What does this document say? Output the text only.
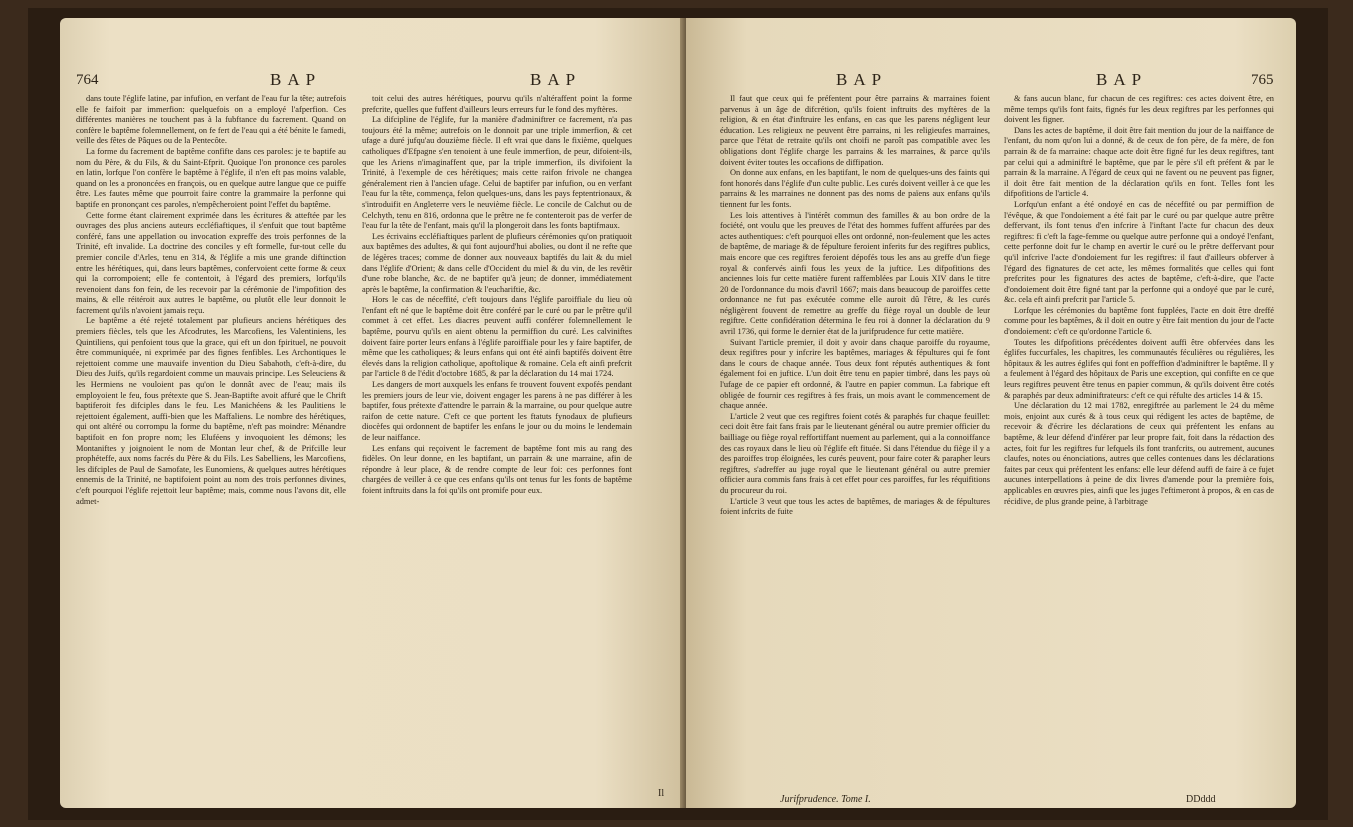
764	BAP	BAP

dans toute l'églife latine, par infufion, en verfant de l'eau fur la tête; autrefois elle fe faifoit par immerfion: quelquefois on a employé l'afperfion. Ces différentes manières ne touchent pas à la fubftance du facrement. Quand on confère le baptême folemnellement, on fe fert de l'eau qui a été bénite le famedi, veille des fêtes de Pâques ou de la Pentecôte.

La forme du facrement de baptême confifte dans ces paroles: je te baptife au nom du Père, & du Fils, & du Saint-Efprit. Quoique l'on prononce ces paroles en latin, lorfque l'on confère le baptême à l'églife, il n'en eft pas moins valable, quand on les a prononcées en françois, ou en quelque autre langue que ce puiffe être. Les fautes même que pourroit faire contre la grammaire la perfonne qui baptife en prononçant ces paroles, n'empêcheroient point l'effet du baptême.

Cette forme étant clairement exprimée dans les écritures & atteftée par les ouvrages des plus anciens auteurs eccléfiaftiques, il s'enfuit que tout baptême conféré, fans une appellation ou invocation expreffe des trois perfonnes de la Trinité, eft invalide. La doctrine des conciles y eft formelle, fur-tout celle du premier concile d'Arles, tenu en 314, & l'églife a mis une grande diftinction entre les hérétiques, qui, dans leurs baptêmes, confervoient cette forme & ceux qui la corrompoient; elle fe contentoit, à l'égard des premiers, lorfqu'ils revenoient dans fon fein, de les recevoir par la cérémonie de l'impofition des mains, & elle réitéroit aux autres le baptême, ou plutôt elle leur donnoit le facrement qu'ils n'avoient jamais reçu.

Le baptême a été rejeté totalement par plufieurs anciens hérétiques des premiers fiècles, tels que les Afcodrutes, les Marcofiens, les Valentiniens, les Quintiliens, qui penfoient tous que la grace, qui eft un don fpirituel, ne pouvoit être communiquée, ni exprimée par des fignes fenfibles. Les Archontiques le rejettoient comme une mauvaife invention du Dieu Sabahoth, c'eft-à-dire, du Dieu des Juifs, qu'ils regardoient comme un mauvais principe. Les Seleuciens & les Hermiens ne vouloient pas qu'on le donnât avec de l'eau; mais ils employoient le feu, fous prétexte que S. Jean-Baptifte avoit affuré que le Chrift baptiferoit fes difciples dans le feu. Les Manichéens & les Paulitiens le rejettoient également, auffi-bien que les Maffaliens. Le nombre des hérétiques, qui ont altéré ou corrompu la forme du baptême, n'eft pas moindre: Ménandre baptifoit en fon propre nom; les Eluféens y invoquoient les démons; les Montaniftes y joignoient le nom de Montan leur chef, & de Prifcille leur prophéteffe, aux noms facrés du Père & du Fils. Les Sabelliens, les Marcofiens, les difciples de Paul de Samofate, les Eunomiens, & quelques autres hérétiques ennemis de la Trinité, ne baptifoient point au nom des trois perfonnes divines, c'eft pourquoi l'églife rejettoit leur baptême; mais, comme nous l'avons dit, elle admet-

toit celui des autres hérétiques, pourvu qu'ils n'altéraffent point la forme prefcrite, quelles que fuffent d'ailleurs leurs erreurs fur le fond des myftères.

La difcipline de l'églife, fur la manière d'adminiftrer ce facrement, n'a pas toujours été la même; autrefois on le donnoit par une triple immerfion, & cet ufage a duré jufqu'au douzième fiècle. Il eft vrai que dans le fixième, quelques catholiques d'Efpagne s'en tenoient à une feule immerfion, de peur, difoient-ils, que les Ariens n'imaginaffent que, par la triple immerfion, ils divifoient la Trinité, à l'exemple de ces hérétiques; mais cette raifon frivole ne changea généralement rien à l'ancien ufage. Celui de baptifer par infufion, ou en verfant l'eau fur la tête, commença, felon quelques-uns, dans les pays feptentrionaux, & s'introduifit en Angleterre vers le neuvième fiècle. Le concile de Calchut ou de Celchyth, tenu en 816, ordonna que le prêtre ne fe contenteroit pas de verfer de l'eau fur la tête de l'enfant, mais qu'il la plongeroit dans les fonts baptifmaux.

Les écrivains eccléfiaftiques parlent de plufieurs cérémonies qu'on pratiquoit aux baptêmes des adultes, & qui font aujourd'hui abolies, ou dont il ne refte que de légères traces; comme de donner aux nouveaux baptifés du lait & du miel dans l'églife d'Orient; & dans celle d'Occident du miel & du vin, de les revêtir d'une robe blanche, &c. de ne baptifer qu'à jeun; de donner, immédiatement après le baptême, la confirmation & l'euchariftie, &c.

Hors le cas de néceffité, c'eft toujours dans l'églife paroiffiale du lieu où l'enfant eft né que le baptême doit être conféré par le curé ou par le prêtre qu'il commet à cet effet. Les diacres peuvent auffi conférer folemnellement le baptême, pourvu qu'ils en aient obtenu la permiffion du curé. Les calviniftes doivent faire porter leurs enfans à l'églife paroiffiale pour les y faire baptifer, de même que les catholiques; & leurs enfans qui ont été ainfi baptifés doivent être élevés dans la religion catholique, apoftolique & romaine. Cela eft ainfi prefcrit par l'article 8 de l'édit d'octobre 1685, & par la déclaration du 14 mai 1724.

Les dangers de mort auxquels les enfans fe trouvent fouvent expofés pendant les premiers jours de leur vie, doivent engager les parens à ne pas différer à les baptifer, fous prétexte d'attendre le parrain & la marraine, ou pour quelque autre raifon de cette nature. C'eft ce que portent les ftatuts fynodaux de plufieurs diocèfes qui ordonnent de baptifer les enfans le jour ou du moins le lendemain de leur naiffance.

Les enfans qui reçoivent le facrement de baptême font mis au rang des fidèles. On leur donne, en les baptifant, un parrain & une marraine, afin de répondre à leur place, & de rendre compte de leur foi: ces perfonnes font chargées de veiller à ce que ces enfans qu'ils ont tenus fur les fonts de baptême foient inftruits dans la foi qu'ils ont promife pour eux.

Il
BAP	BAP	765

Il faut que ceux qui fe préfentent pour être parrains & marraines foient parvenus à un âge de difcrétion, qu'ils foient inftruits des myftères de la religion, & en état d'inftruire les enfans, en cas que les parens négligent leur éducation. Les religieux ne peuvent être parrains, ni les religieufes marraines, parce que l'état de retraite qu'ils ont choifi ne paroît pas compatible avec les obligations dont l'églife charge les parrains & les marraines, & parce qu'ils doivent éviter toutes les occafions de diffipation.

On donne aux enfans, en les baptifant, le nom de quelques-uns des faints qui font honorés dans l'églife d'un culte public. Les curés doivent veiller à ce que les parrains & les marraines ne donnent pas des noms de païens aux enfans qu'ils tiennent fur les fonts.

Les lois attentives à l'intérêt commun des familles & au bon ordre de la fociété, ont voulu que les preuves de l'état des hommes fuffent affurées par des actes authentiques: c'eft pourquoi elles ont ordonné, non-feulement que les actes de baptême, de mariage & de fépulture feroient inferits fur des regiftres publics, mais encore que ces regiftres feroient dépofés tous les ans au greffe d'un fiege royal & confervés ainfi fous les yeux de la juftice. Les difpofitions des anciennes lois fur cette matière furent raffemblées par Louis XIV dans le titre 20 de l'ordonnance du mois d'avril 1667; mais dans beaucoup de paroiffes cette ordonnance ne fut pas exécutée comme elle auroit dû l'être, & les curés négligèrent fouvent de remettre au greffe du fiège royal un double de leur regiftre. Cette confidération détermina le feu roi à donner la déclaration du 9 avril 1736, qui forme le dernier état de la jurifprudence fur cette matière.

Suivant l'article premier, il doit y avoir dans chaque paroiffe du royaume, deux regiftres pour y infcrire les baptêmes, mariages & fépultures qui fe font dans le cours de chaque année. Tous deux font réputés authentiques & font également foi en juftice. L'un doit être tenu en papier timbré, dans les pays où l'ufage de ce papier eft ordonné, & l'autre en papier commun. La fabrique eft obligée de fournir ces regiftres à fes frais, un mois avant le commencement de chaque année.

L'article 2 veut que ces regiftres foient cotés & paraphés fur chaque feuillet: ceci doit être fait fans frais par le lieutenant général ou autre premier officier du bailliage ou fiège royal reffortiffant nuement au parlement, qui a la connoiffance des cas royaux dans le lieu où l'églife eft fituée. Si dans l'étendue du fiège il y a des paroiffes trop éloignées, les curés peuvent, pour faire coter & parapher leurs regiftres, s'adreffer au juge royal que le lieutenant général ou autre premier officier aura commis fans frais à cet effet pour ces paroiffes, fur les réquifitions du procureur du roi.

L'article 3 veut que tous les actes de baptêmes, de mariages & de fépultures foient infcrits de fuite

& fans aucun blanc, fur chacun de ces regiftres: ces actes doivent être, en même temps qu'ils font faits, fignés fur les deux regiftres par les perfonnes qui doivent les figner.

Dans les actes de baptême, il doit être fait mention du jour de la naiffance de l'enfant, du nom qu'on lui a donné, & de ceux de fon père, de fa mère, de fon parrain & de fa marraine: chaque acte doit être figné fur les deux regiftres, tant par celui qui a adminiftré le baptême, que par le père s'il eft préfent & par le parrain & la marraine. A l'égard de ceux qui ne favent ou ne peuvent pas figner, il doit être fait mention de la déclaration qu'ils en font. Telles font les difpofitions de l'article 4.

Lorfqu'un enfant a été ondoyé en cas de néceffité ou par permiffion de l'évêque, & que l'ondoiement a été fait par le curé ou par quelque autre prêtre deffervant, ils font tenus d'en infcrire à l'inftant l'acte fur chacun des deux regiftres: fi c'eft la fage-femme ou quelque autre perfonne qui a ondoyé l'enfant, cette perfonne doit fur le champ en avertir le curé ou le prêtre deffervant pour qu'il infcrive l'acte d'ondoiement fur les regiftres: il faut d'ailleurs obferver à l'égard des fignatures de cet acte, les mêmes formalités que celles qui font prefcrites pour les fignatures des actes de baptême, c'eft-à-dire, que l'acte d'ondoiement doit être figné tant par la perfonne qui a ondoyé que par le curé, &c. cela eft ainfi prefcrit par l'article 5.

Lorfque les cérémonies du baptême font fupplées, l'acte en doit être dreffé comme pour les baptêmes, & il doit en outre y être fait mention du jour de l'acte d'ondoiement: c'eft ce qu'ordonne l'article 6.

Toutes les difpofitions précédentes doivent auffi être obfervées dans les églifes fuccurfales, les chapitres, les communautés féculières ou régulières, les hôpitaux & les autres églifes qui font en poffeffion d'adminiftrer le baptême. Il y a feulement à l'égard des hôpitaux de Paris une exception, qui confifte en ce que leurs regiftres peuvent être tenus en papier commun, & qu'ils doivent être cotés & paraphés par deux adminiftrateurs: c'eft ce qui réfulte des articles 14 & 15.

Une déclaration du 12 mai 1782, enregiftrée au parlement le 24 du même mois, enjoint aux curés & à tous ceux qui rédigent les actes de baptême, de recevoir & d'écrire les déclarations de ceux qui préfentent les enfans au baptême, & leur défend d'inférer par leur propre fait, foit dans la rédaction des actes, foit fur les regiftres fur lefquels ils font tranfcrits, ou autrement, aucunes claufes, notes ou énonciations, autres que celles contenues dans les déclarations faites par ceux qui préfentent les enfans: elle leur défend auffi de faire à ce fujet aucunes interpellations à peine de dix livres d'amende pour la première fois, applicables en œuvres pies, ainfi que les juges l'eftimeront à propos, & en cas de récidive, de plus grande peine, à l'arbitrage

Jurifprudence. Tome I.	DDddd
